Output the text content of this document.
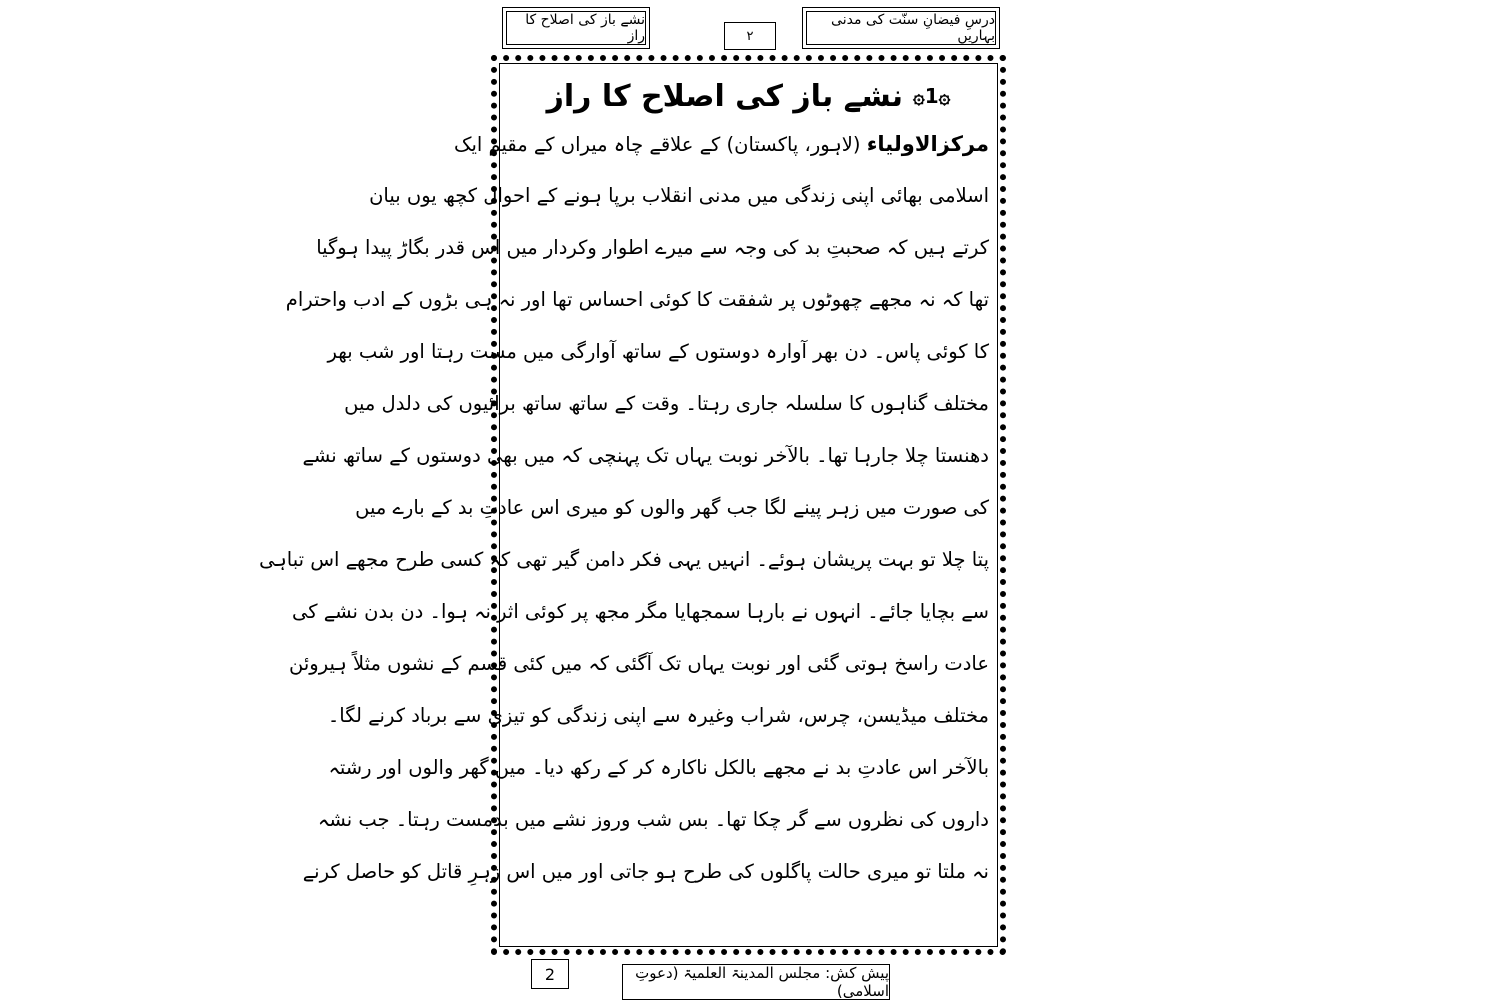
درسِ فیضانِ سنّت کی مدنی بہاریں
٢
نشے باز کی اصلاح کا راز
۞1۞
نشے باز کی اصلاح کا راز
مرکزالاولیاء (لاہور، پاکستان) کے علاقے چاہ میراں کے مقیم ایک
اسلامی بھائی اپنی زندگی میں مدنی انقلاب برپا ہونے کے احوال کچھ یوں بیان
کرتے ہیں کہ صحبتِ بد کی وجہ سے میرے اطوار وکردار میں اس قدر بگاڑ پیدا ہوگیا
تھا کہ نہ مجھے چھوٹوں پر شفقت کا کوئی احساس تھا اور نہ ہی بڑوں کے ادب واحترام
کا کوئی پاس۔ دن بھر آوارہ دوستوں کے ساتھ آوارگی میں مست رہتا اور شب بھر
مختلف گناہوں کا سلسلہ جاری رہتا۔ وقت کے ساتھ ساتھ برائیوں کی دلدل میں
دھنستا چلا جارہا تھا۔ بالآخر نوبت یہاں تک پہنچی کہ میں بھی دوستوں کے ساتھ نشے
کی صورت میں زہر پینے لگا جب گھر والوں کو میری اس عادتِ بد کے بارے میں
پتا چلا تو بہت پریشان ہوئے۔ انہیں یہی فکر دامن گیر تھی کہ کسی طرح مجھے اس تباہی
سے بچایا جائے۔ انہوں نے بارہا سمجھایا مگر مجھ پر کوئی اثر نہ ہوا۔ دن بدن نشے کی
عادت راسخ ہوتی گئی اور نوبت یہاں تک آگئی کہ میں کئی قسم کے نشوں مثلاً ہیروئن
مختلف میڈیسن، چرس، شراب وغیرہ سے اپنی زندگی کو تیزی سے برباد کرنے لگا۔
بالآخر اس عادتِ بد نے مجھے بالکل ناکارہ کر کے رکھ دیا۔ میں گھر والوں اور رشتہ
داروں کی نظروں سے گر چکا تھا۔ بس شب وروز نشے میں بدمست رہتا۔ جب نشہ
نہ ملتا تو میری حالت پاگلوں کی طرح ہو جاتی اور میں اس زہرِ قاتل کو حاصل کرنے
2	پیش کش: مجلس المدینۃ العلمیۃ (دعوتِ اسلامی)
